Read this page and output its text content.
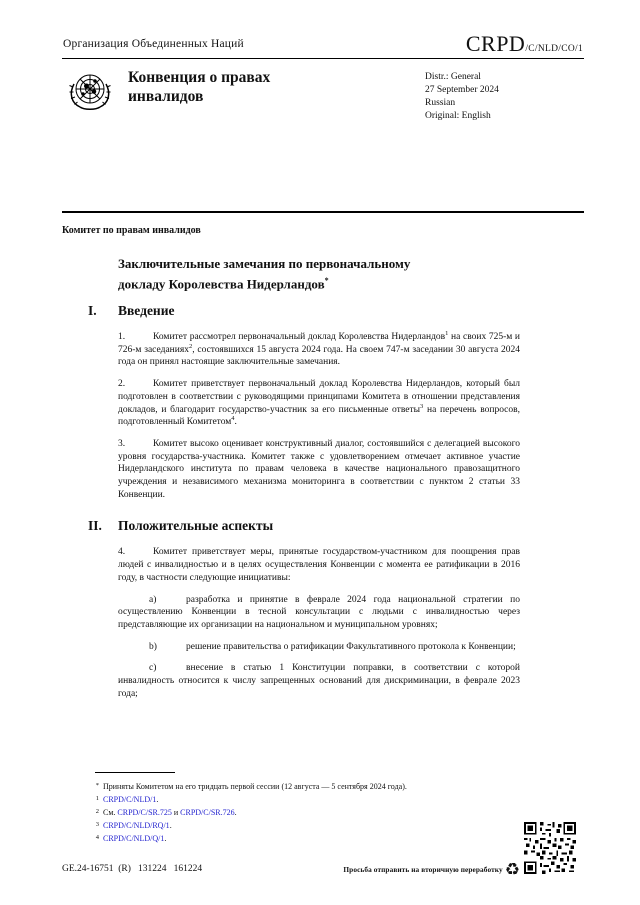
Организация Объединенных Наций	CRPD /C/NLD/CO/1
Конвенция о правах
инвалидов
Distr.: General
27 September 2024
Russian
Original: English
Комитет по правам инвалидов
Заключительные замечания по первоначальному
докладу Королевства Нидерландов*
I. Введение

1.	Комитет рассмотрел первоначальный доклад Королевства Нидерландов$^1$ на своих 725-м и 726-м заседаниях$^2$, состоявшихся 15 августа 2024 года. На своем 747-м заседании 30 августа 2024 года он принял настоящие заключительные замечания.

2.	Комитет приветствует первоначальный доклад Королевства Нидерландов, который был подготовлен в соответствии с руководящими принципами Комитета в отношении представления докладов, и благодарит государство-участник за его письменные ответы$^3$ на перечень вопросов, подготовленный Комитетом$^4$.

3.	Комитет высоко оценивает конструктивный диалог, состоявшийся с делегацией высокого уровня государства-участника. Комитет также с удовлетворением отмечает активное участие Нидерландского института по правам человека в качестве национального правозащитного учреждения и независимого механизма мониторинга в соответствии с пунктом 2 статьи 33 Конвенции.

II. Положительные аспекты

4.	Комитет приветствует меры, принятые государством-участником для поощрения прав людей с инвалидностью и в целях осуществления Конвенции с момента ее ратификации в 2016 году, в частности следующие инициативы:

a)	разработка и принятие в феврале 2024 года национальной стратегии по осуществлению Конвенции в тесной консультации с людьми с инвалидностью через представляющие их организации на национальном и муниципальном уровнях;

b)	решение правительства о ратификации Факультативного протокола к Конвенции;

c)	внесение в статью 1 Конституции поправки, в соответствии с которой инвалидность относится к числу запрещенных оснований для дискриминации, в феврале 2023 года;

* Приняты Комитетом на его тридцать первой сессии (12 августа — 5 сентября 2024 года).
1 CRPD/C/NLD/1.
2 См. CRPD/C/SR.725 и CRPD/C/SR.726.
3 CRPD/C/NLD/RQ/1.
4 CRPD/C/NLD/Q/1.
GE.24-16751  (R)   131224   161224	Просьба отправить на вторичную переработку ♻
